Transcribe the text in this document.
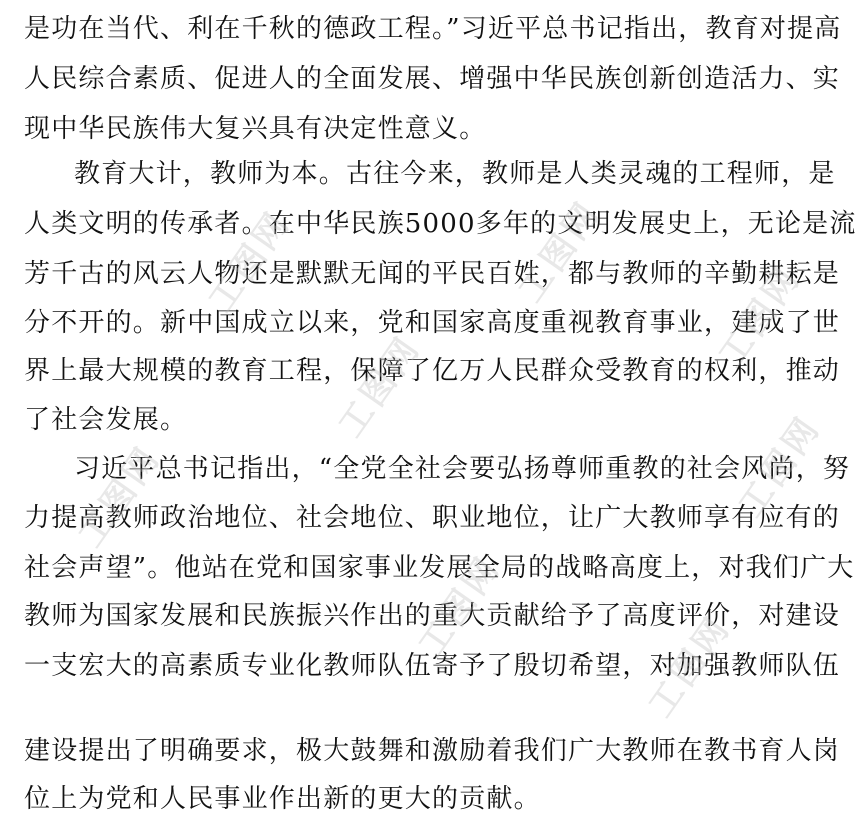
是功在当代、利在千秋的德政工程。”习近平总书记指出，教育对提高
人民综合素质、促进人的全面发展、增强中华民族创新创造活力、实
现中华民族伟大复兴具有决定性意义。
教育大计，教师为本。古往今来，教师是人类灵魂的工程师，是
人类文明的传承者。在中华民族5000多年的文明发展史上，无论是流
芳千古的风云人物还是默默无闻的平民百姓，都与教师的辛勤耕耘是
分不开的。新中国成立以来，党和国家高度重视教育事业，建成了世
界上最大规模的教育工程，保障了亿万人民群众受教育的权利，推动
了社会发展。
习近平总书记指出，“全党全社会要弘扬尊师重教的社会风尚，努
力提高教师政治地位、社会地位、职业地位，让广大教师享有应有的
社会声望”。他站在党和国家事业发展全局的战略高度上，对我们广大
教师为国家发展和民族振兴作出的重大贡献给予了高度评价，对建设
一支宏大的高素质专业化教师队伍寄予了殷切希望，对加强教师队伍
建设提出了明确要求，极大鼓舞和激励着我们广大教师在教书育人岗
位上为党和人民事业作出新的更大的贡献。
工图网
工图网
工图网
工图网
工图网
工图网
工图网
工图网
